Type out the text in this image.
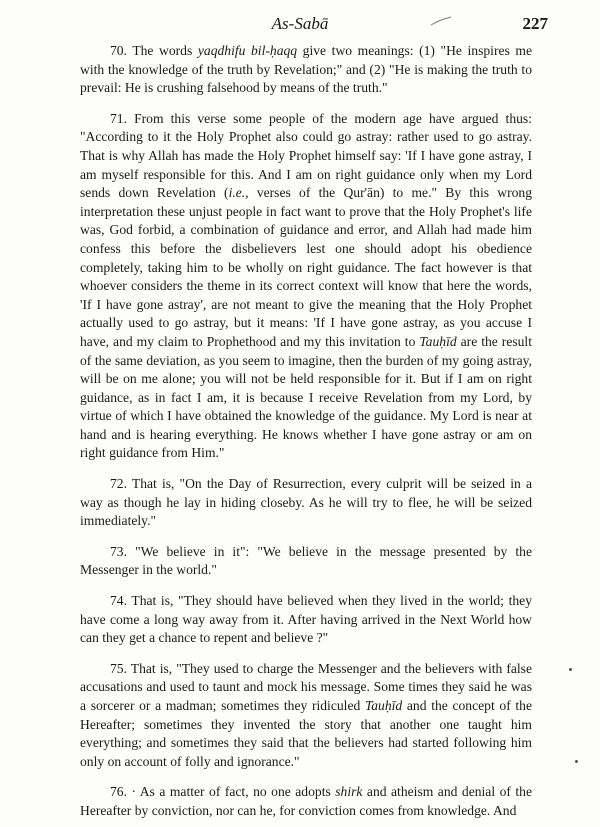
As-Sabā	227

70. The words yaqdhifu bil-ḥaqq give two meanings: (1) "He inspires me with the knowledge of the truth by Revelation;" and (2) "He is making the truth to prevail: He is crushing falsehood by means of the truth."

71. From this verse some people of the modern age have argued thus: "According to it the Holy Prophet also could go astray: rather used to go astray. That is why Allah has made the Holy Prophet himself say: 'If I have gone astray, I am myself responsible for this. And I am on right guidance only when my Lord sends down Revelation (i.e., verses of the Qur'ān) to me." By this wrong interpretation these unjust people in fact want to prove that the Holy Prophet's life was, God forbid, a combination of guidance and error, and Allah had made him confess this before the disbelievers lest one should adopt his obedience completely, taking him to be wholly on right guidance. The fact however is that whoever considers the theme in its correct context will know that here the words, 'If I have gone astray', are not meant to give the meaning that the Holy Prophet actually used to go astray, but it means: 'If I have gone astray, as you accuse I have, and my claim to Prophethood and my this invitation to Tauḥīd are the result of the same deviation, as you seem to imagine, then the burden of my going astray, will be on me alone; you will not be held responsible for it. But if I am on right guidance, as in fact I am, it is because I receive Revelation from my Lord, by virtue of which I have obtained the knowledge of the guidance. My Lord is near at hand and is hearing everything. He knows whether I have gone astray or am on right guidance from Him."

72. That is, "On the Day of Resurrection, every culprit will be seized in a way as though he lay in hiding closeby. As he will try to flee, he will be seized immediately."

73. "We believe in it": "We believe in the message presented by the Messenger in the world."

74. That is, "They should have believed when they lived in the world; they have come a long way away from it. After having arrived in the Next World how can they get a chance to repent and believe ?"

75. That is, "They used to charge the Messenger and the believers with false accusations and used to taunt and mock his message. Some times they said he was a sorcerer or a madman; sometimes they ridiculed Tauḥīd and the concept of the Hereafter; sometimes they invented the story that another one taught him everything; and sometimes they said that the believers had started following him only on account of folly and ignorance."

76. · As a matter of fact, no one adopts shirk and atheism and denial of the Hereafter by conviction, nor can he, for conviction comes from knowledge. And
